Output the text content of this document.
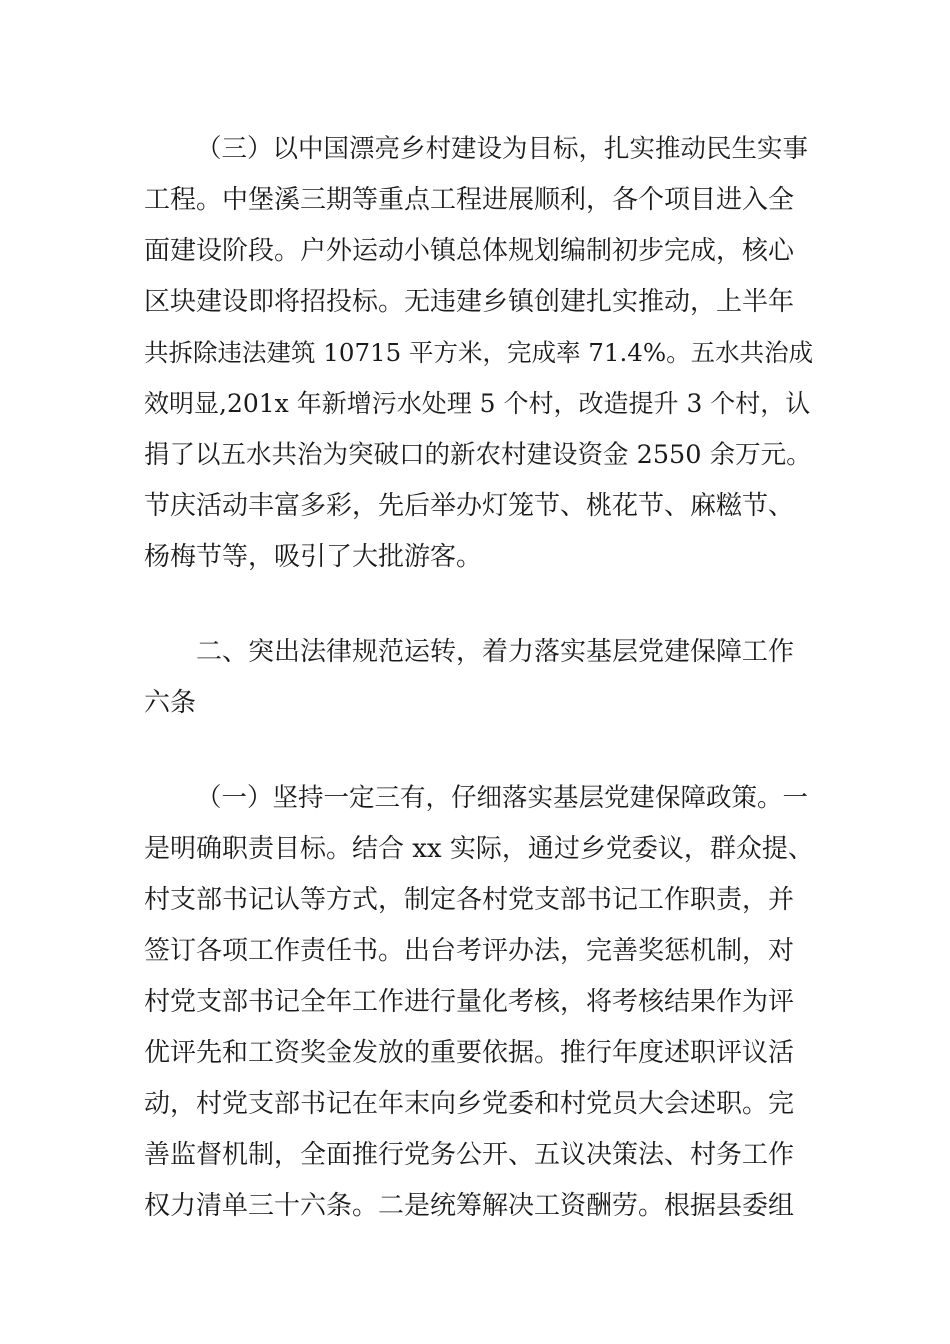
（三）以中国漂亮乡村建设为目标，扎实推动民生实事

工程。中堡溪三期等重点工程进展顺利，各个项目进入全

面建设阶段。户外运动小镇总体规划编制初步完成，核心

区块建设即将招投标。无违建乡镇创建扎实推动，上半年

共拆除违法建筑 10715 平方米，完成率 71.4%。五水共治成

效明显,201x 年新增污水处理 5 个村，改造提升 3 个村，认

捐了以五水共治为突破口的新农村建设资金 2550 余万元。

节庆活动丰富多彩，先后举办灯笼节、桃花节、麻糍节、

杨梅节等，吸引了大批游客。

二、突出法律规范运转，着力落实基层党建保障工作

六条

（一）坚持一定三有，仔细落实基层党建保障政策。一

是明确职责目标。结合 xx 实际，通过乡党委议，群众提、

村支部书记认等方式，制定各村党支部书记工作职责，并

签订各项工作责任书。出台考评办法，完善奖惩机制，对

村党支部书记全年工作进行量化考核，将考核结果作为评

优评先和工资奖金发放的重要依据。推行年度述职评议活

动，村党支部书记在年末向乡党委和村党员大会述职。完

善监督机制，全面推行党务公开、五议决策法、村务工作

权力清单三十六条。二是统筹解决工资酬劳。根据县委组
